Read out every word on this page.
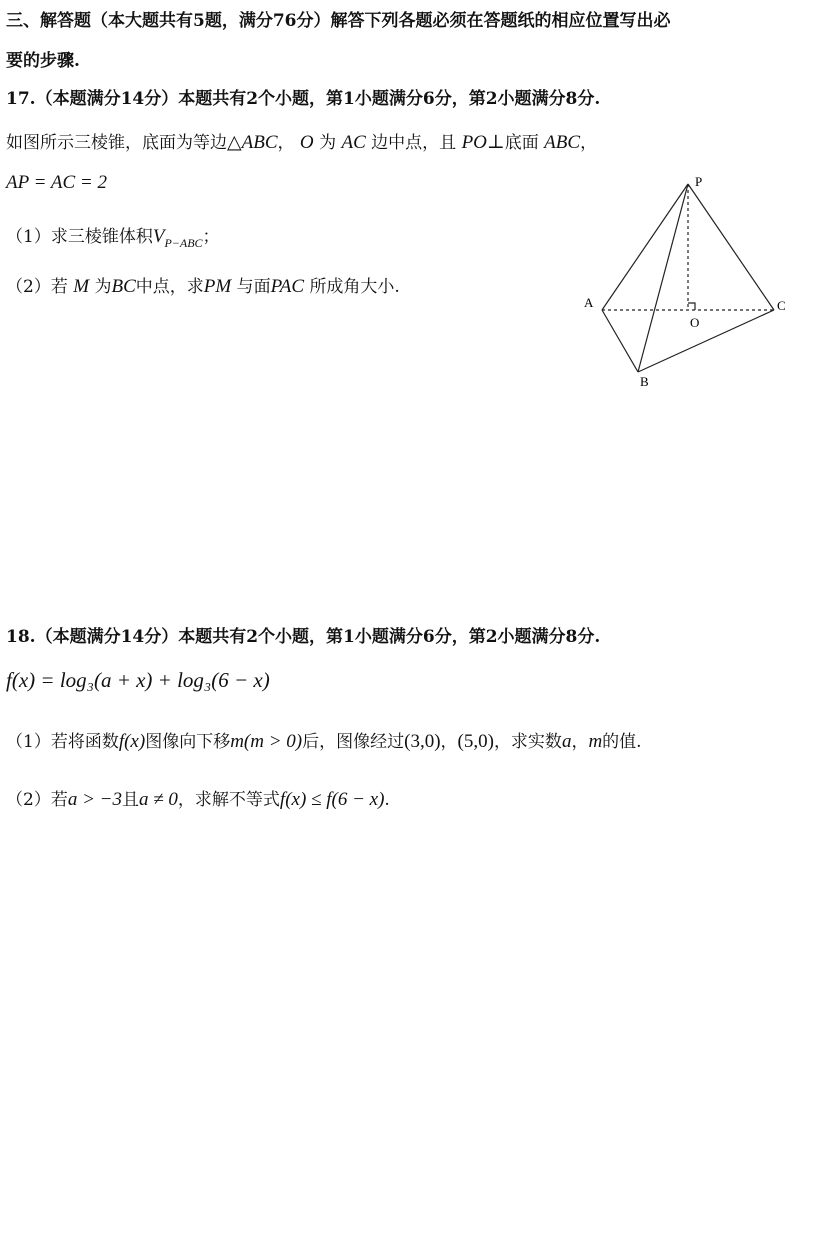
三、解答题（本大题共有5题，满分76分）解答下列各题必须在答题纸的相应位置写出必
要的步骤.
17.（本题满分14分）本题共有2个小题，第1小题满分6分，第2小题满分8分.
如图所示三棱锥，底面为等边△ABC， O 为 AC 边中点，且 PO⊥底面 ABC，
AP = AC = 2
（1）求三棱锥体积$V_{P-ABC}$；
（2）若 M 为BC中点，求PM 与面PAC 所成角大小.
P
A	C
O
B
18.（本题满分14分）本题共有2个小题，第1小题满分6分，第2小题满分8分.
f(x) = log₃(a + x) + log₃(6 − x)
（1）若将函数f(x)图像向下移m(m > 0)后，图像经过(3,0)，(5,0)，求实数a，m的值.
（2）若a > −3且a ≠ 0，求解不等式f(x) ≤ f(6 − x).
